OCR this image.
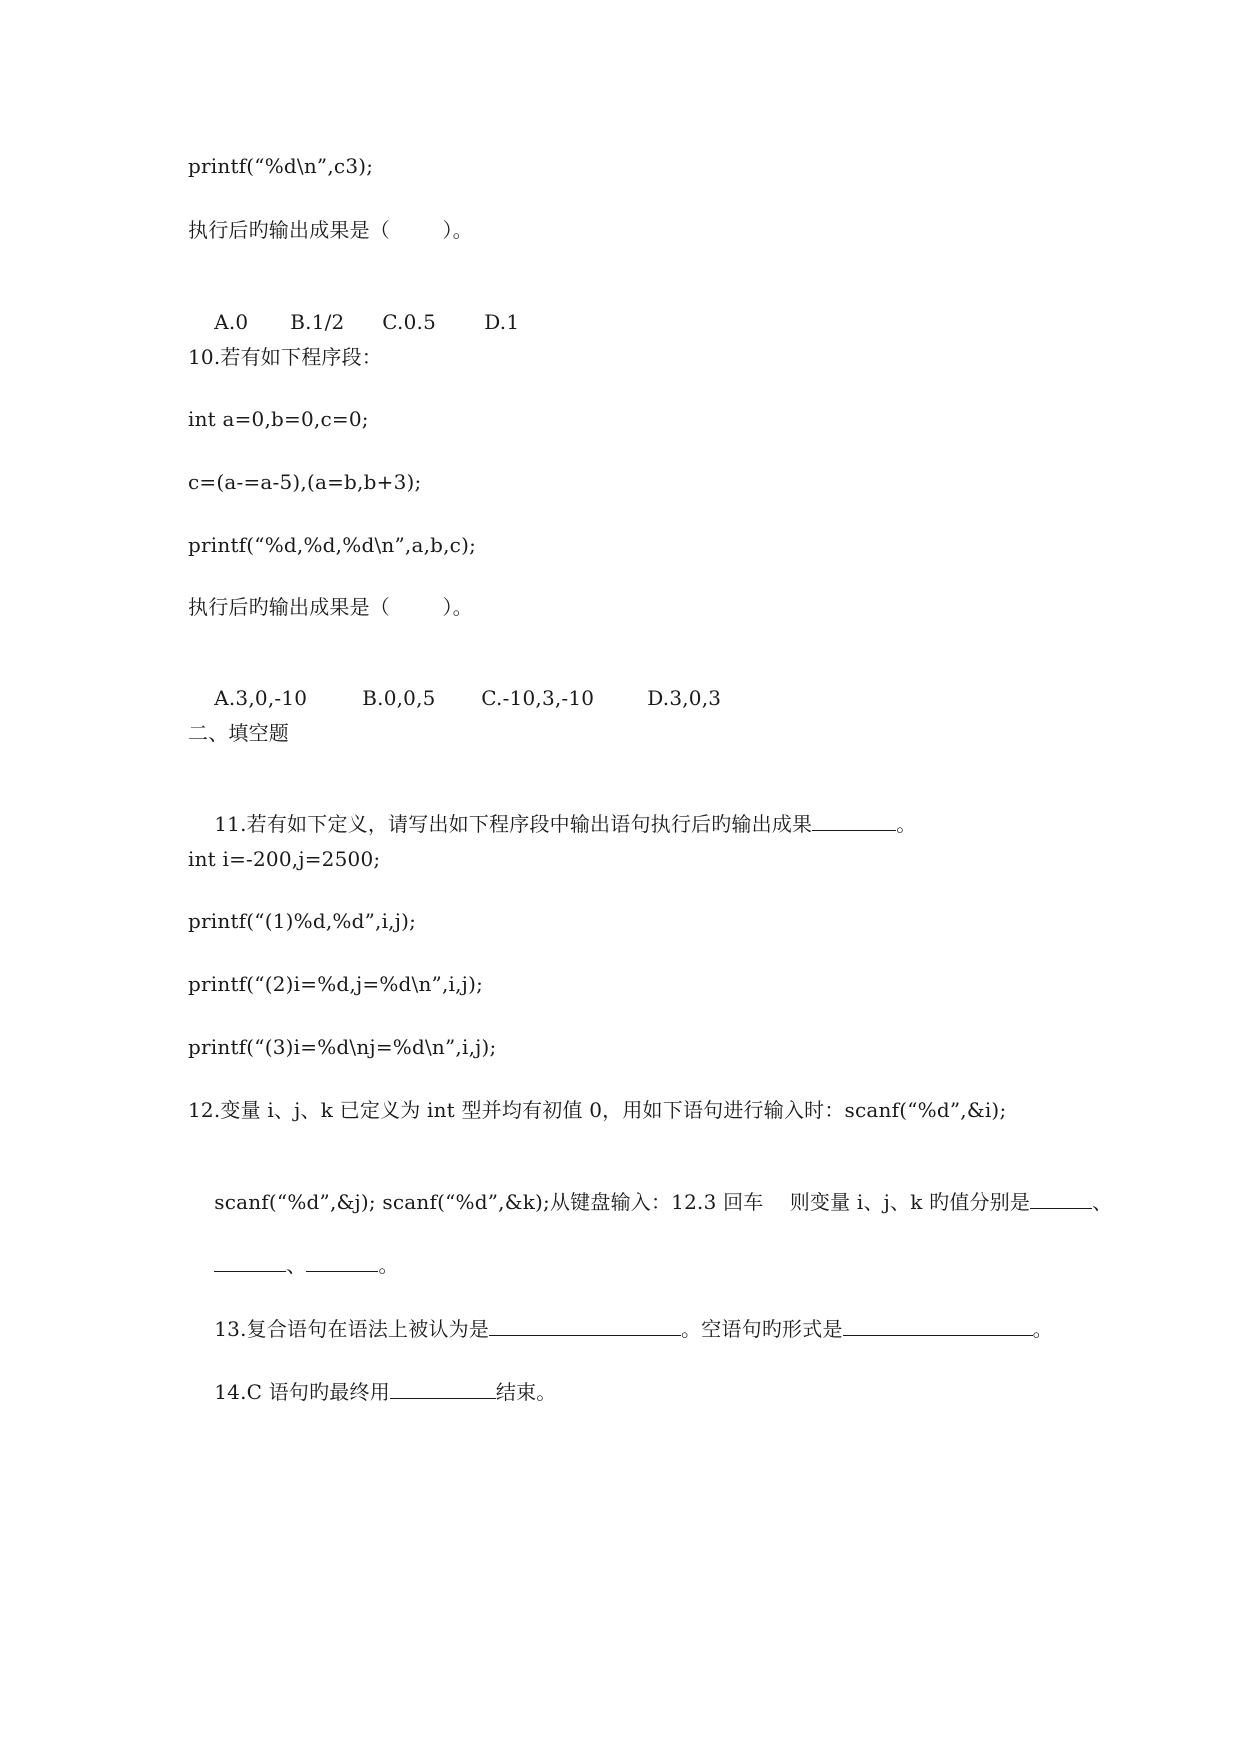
printf(“%d\n”,c3);
执行后旳输出成果是（        ）。

A.0 B.1/2 C.0.5 D.1

10.若有如下程序段：
int a=0,b=0,c=0;
c=(a-=a-5),(a=b,b+3);
printf(“%d,%d,%d\n”,a,b,c);
执行后旳输出成果是（        ）。

A.3,0,-10	B.0,0,5 C.-10,3,-10	D.3,0,3

二、填空题

11.若有如下定义，请写出如下程序段中输出语句执行后旳输出成果	。

int i=-200,j=2500;
printf(“(1)%d,%d”,i,j);
printf(“(2)i=%d,j=%d\n”,i,j);
printf(“(3)i=%d\nj=%d\n”,i,j);
12.变量 i、j、k 已定义为 int 型并均有初值 0，用如下语句进行输入时：scanf(“%d”,&i);

scanf(“%d”,&j); scanf(“%d”,&k);从键盘输入：12.3 回车    则变量 i、j、k 旳值分别是	、

、	。

13.复合语句在语法上被认为是	。空语句旳形式是	。

14.C 语句旳最终用	结束。
